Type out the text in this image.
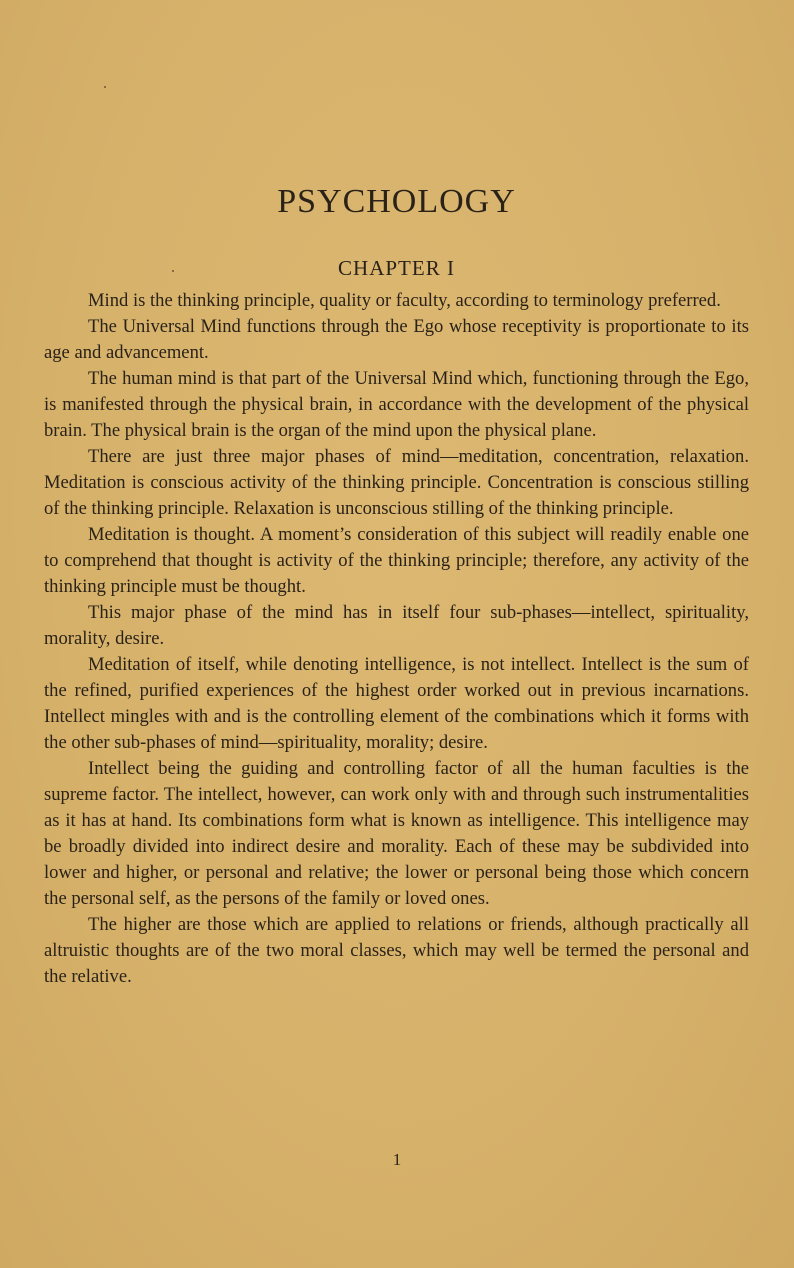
PSYCHOLOGY
CHAPTER I

Mind is the thinking principle, quality or faculty, according to terminology preferred.

The Universal Mind functions through the Ego whose receptivity is proportionate to its age and advancement.

The human mind is that part of the Universal Mind which, functioning through the Ego, is manifested through the physical brain, in accordance with the development of the physical brain. The physical brain is the organ of the mind upon the physical plane.

There are just three major phases of mind—meditation, concentration, relaxation. Meditation is conscious activity of the thinking principle. Concentration is conscious stilling of the thinking principle. Relaxation is unconscious stilling of the thinking principle.

Meditation is thought. A moment’s consideration of this subject will readily enable one to comprehend that thought is activity of the thinking principle; therefore, any activity of the thinking principle must be thought.

This major phase of the mind has in itself four sub-phases—intellect, spirituality, morality, desire.

Meditation of itself, while denoting intelligence, is not intellect. Intellect is the sum of the refined, purified experiences of the highest order worked out in previous incarnations. Intellect mingles with and is the controlling element of the combinations which it forms with the other sub-phases of mind—spirituality, morality; desire.

Intellect being the guiding and controlling factor of all the human faculties is the supreme factor. The intellect, however, can work only with and through such instrumentalities as it has at hand. Its combinations form what is known as intelligence. This intelligence may be broadly divided into indirect desire and morality. Each of these may be subdivided into lower and higher, or personal and relative; the lower or personal being those which concern the personal self, as the persons of the family or loved ones.

The higher are those which are applied to relations or friends, although practically all altruistic thoughts are of the two moral classes, which may well be termed the personal and the relative.

1
